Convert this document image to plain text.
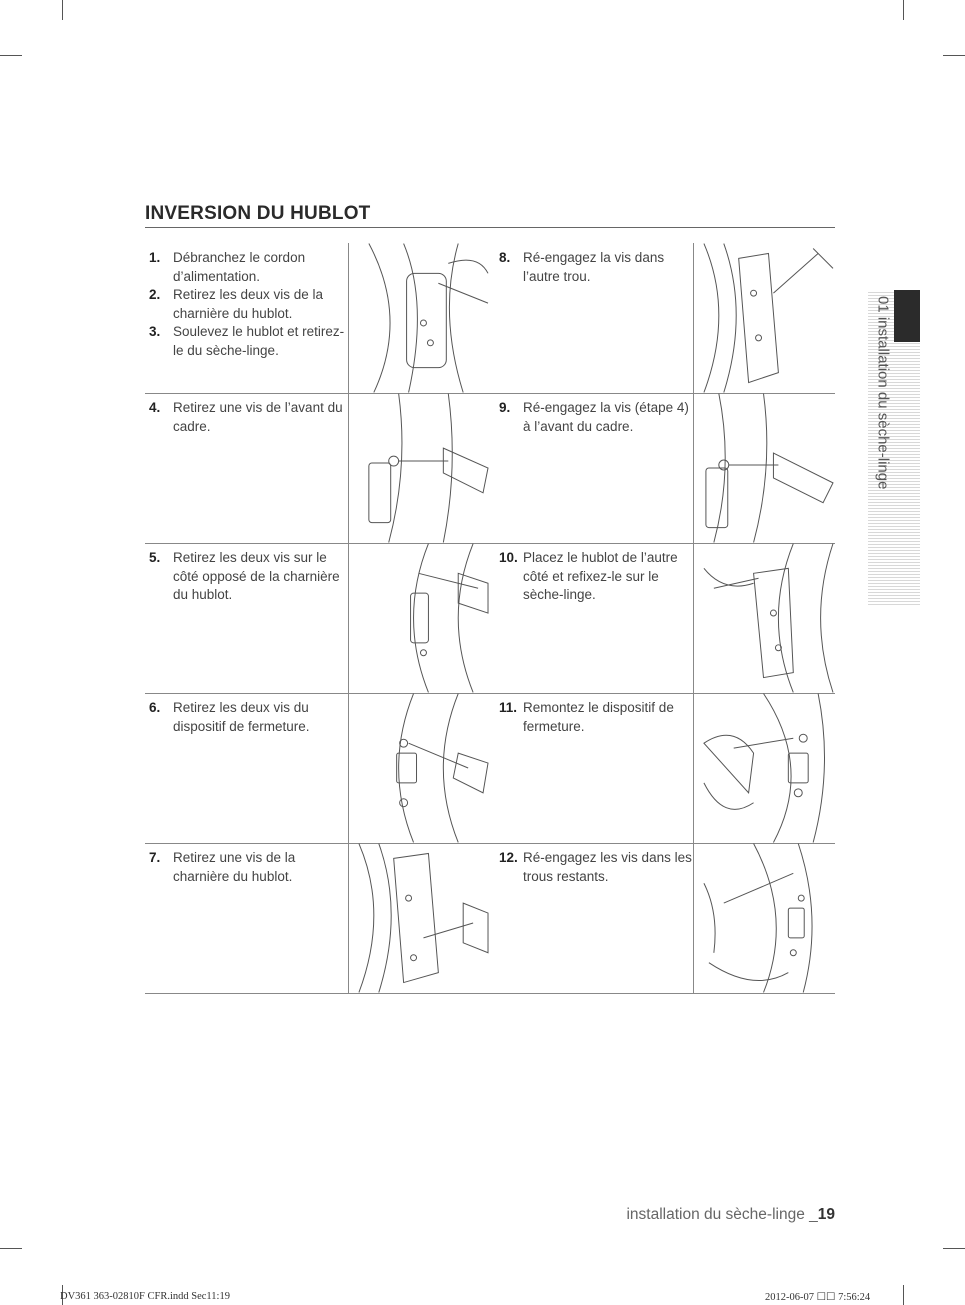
INVERSION DU HUBLOT
1. Débranchez le cordon d’alimentation.
2. Retirez les deux vis de la charnière du hublot.
3. Soulevez le hublot et retirez-le du sèche-linge.
8. Ré-engagez la vis dans l’autre trou.
4. Retirez une vis de l’avant du cadre.
9. Ré-engagez la vis (étape 4) à l’avant du cadre.
5. Retirez les deux vis sur le côté opposé de la charnière du hublot.
10. Placez le hublot de l’autre côté et refixez-le sur le sèche-linge.
6. Retirez les deux vis du dispositif de fermeture.
11. Remontez le dispositif de fermeture.
7. Retirez une vis de la charnière du hublot.
12. Ré-engagez les vis dans les trous restants.
01 installation du sèche-linge
installation du sèche-linge _19
DV361 363-02810F CFR.indd Sec11:19	2012-06-07 ☐☐ 7:56:24
